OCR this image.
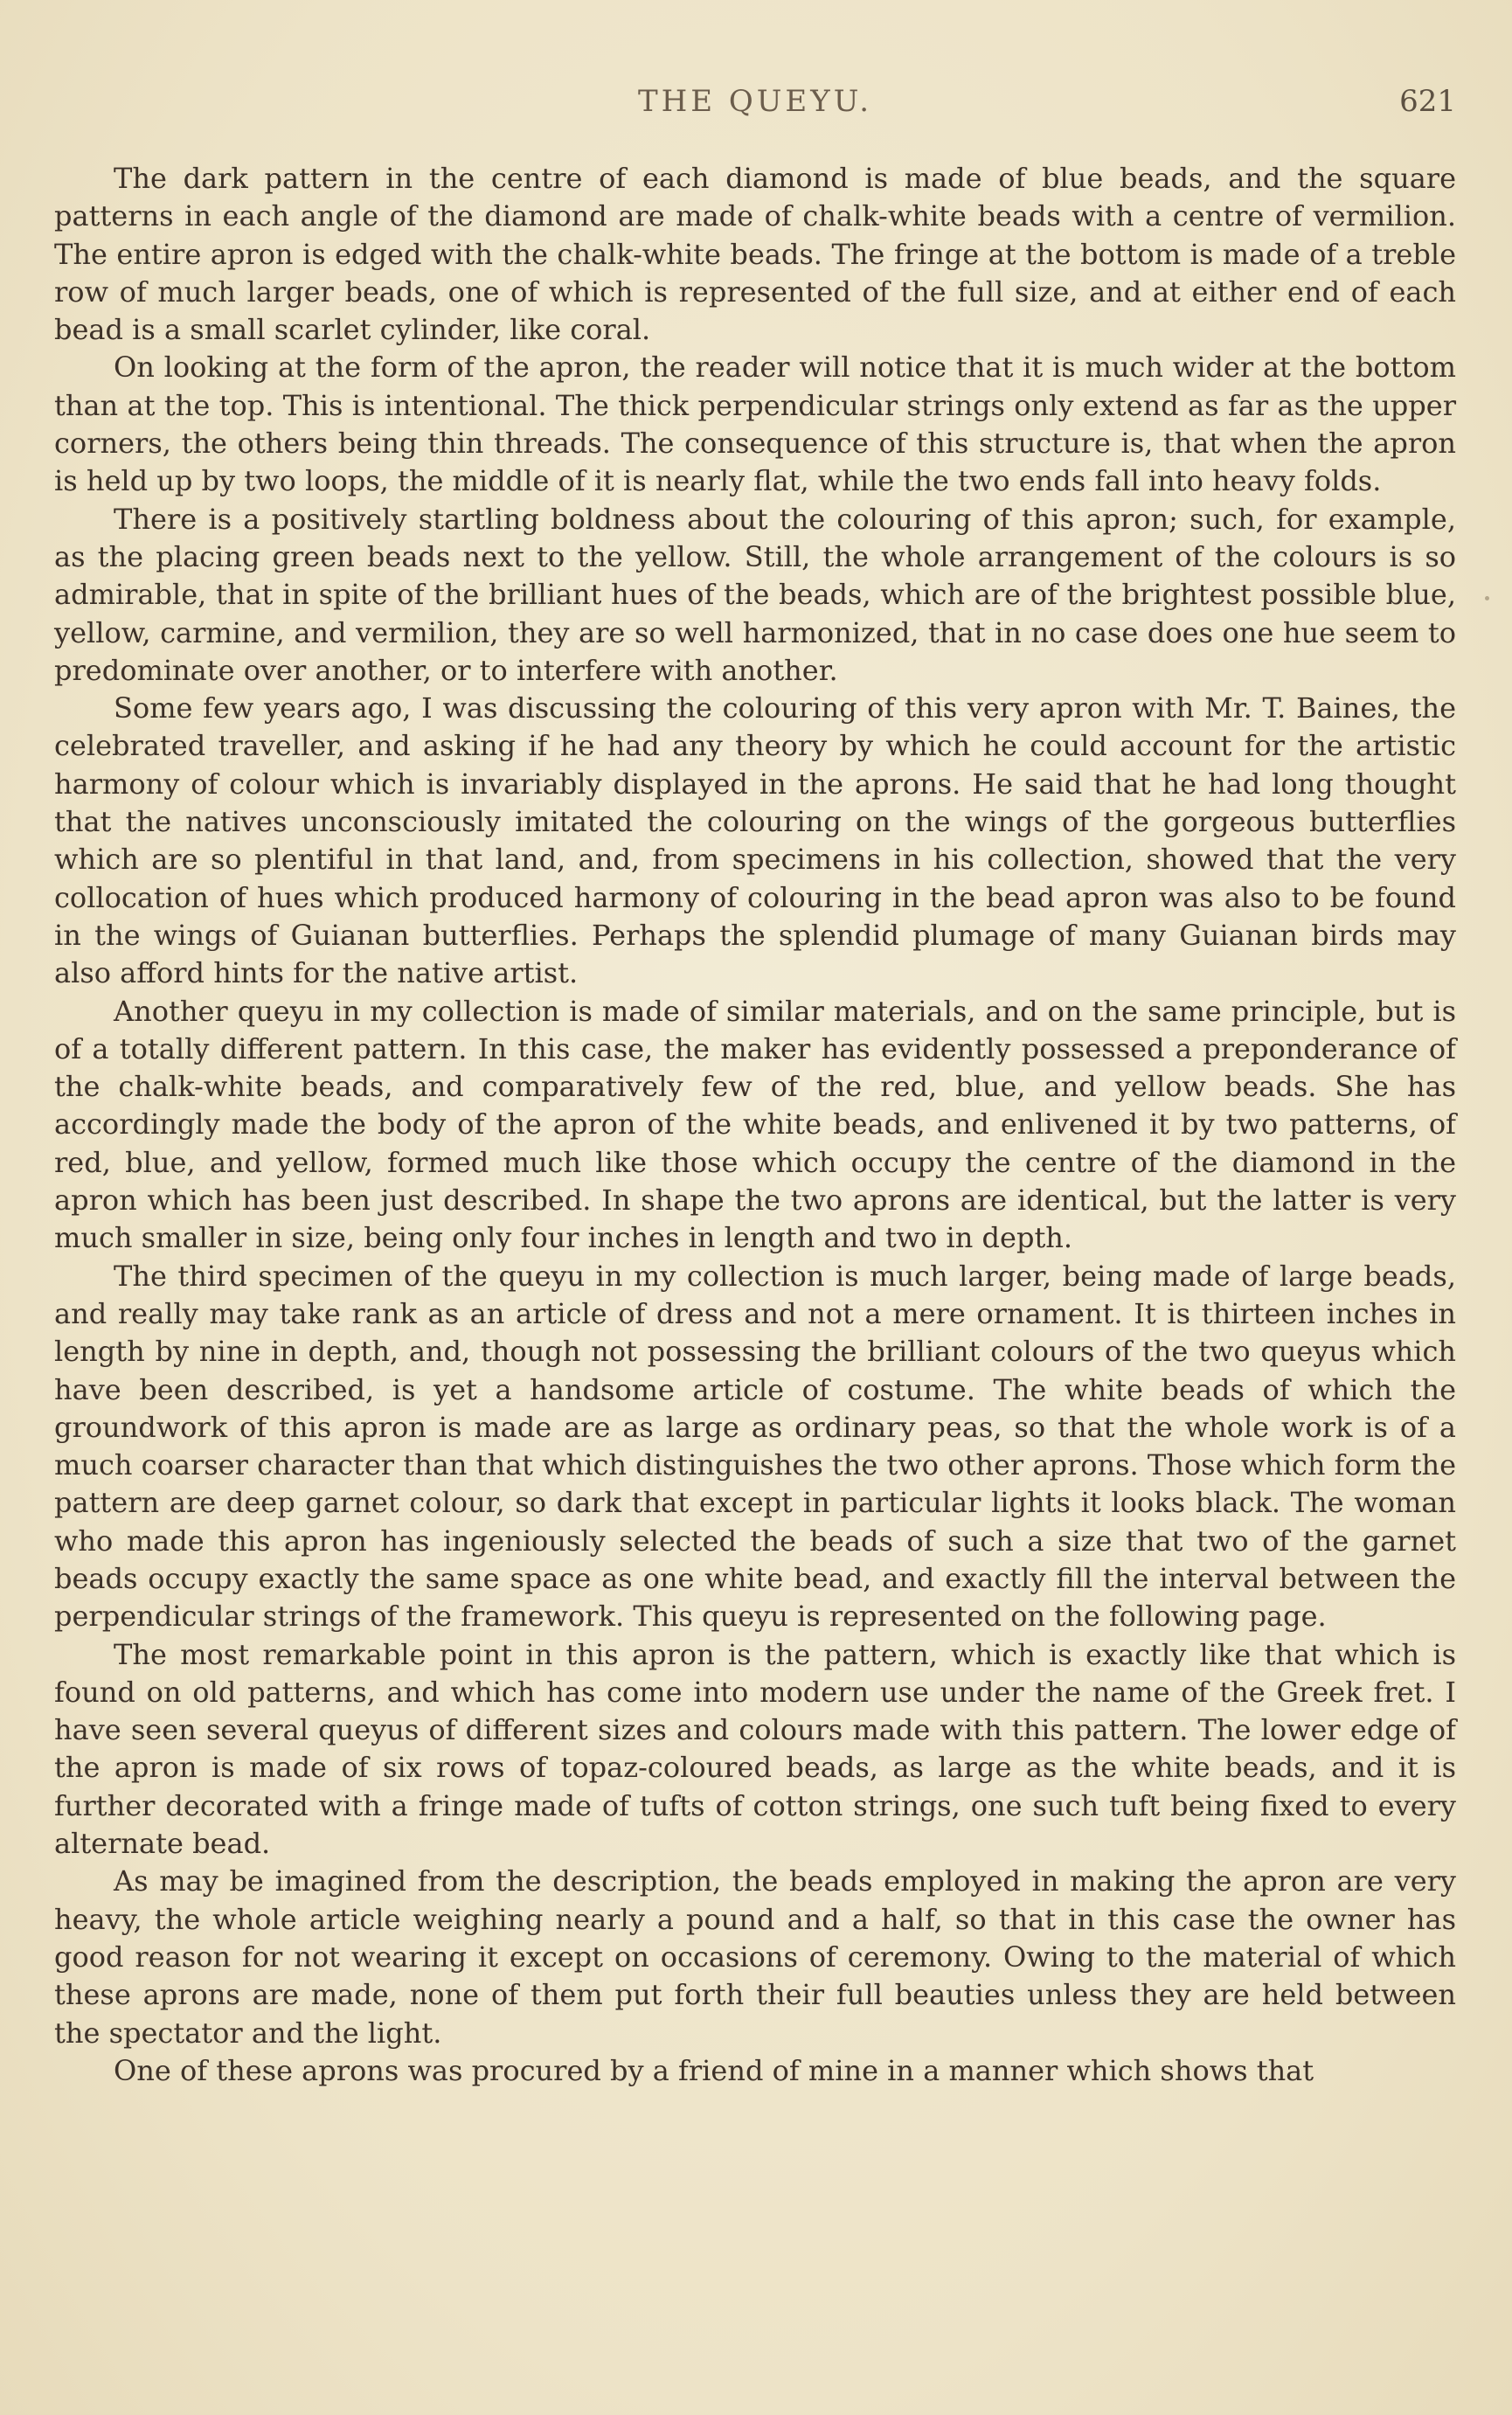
THE QUEYU.	621

The dark pattern in the centre of each diamond is made of blue beads, and the square patterns in each angle of the diamond are made of chalk-white beads with a centre of vermilion. The entire apron is edged with the chalk-white beads. The fringe at the bottom is made of a treble row of much larger beads, one of which is represented of the full size, and at either end of each bead is a small scarlet cylinder, like coral.

On looking at the form of the apron, the reader will notice that it is much wider at the bottom than at the top. This is intentional. The thick perpendicular strings only extend as far as the upper corners, the others being thin threads. The consequence of this structure is, that when the apron is held up by two loops, the middle of it is nearly flat, while the two ends fall into heavy folds.

There is a positively startling boldness about the colouring of this apron; such, for example, as the placing green beads next to the yellow. Still, the whole arrangement of the colours is so admirable, that in spite of the brilliant hues of the beads, which are of the brightest possible blue, yellow, carmine, and vermilion, they are so well harmonized, that in no case does one hue seem to predominate over another, or to interfere with another.

Some few years ago, I was discussing the colouring of this very apron with Mr. T. Baines, the celebrated traveller, and asking if he had any theory by which he could account for the artistic harmony of colour which is invariably displayed in the aprons. He said that he had long thought that the natives unconsciously imitated the colouring on the wings of the gorgeous butterflies which are so plentiful in that land, and, from specimens in his collection, showed that the very collocation of hues which produced harmony of colouring in the bead apron was also to be found in the wings of Guianan butterflies. Perhaps the splendid plumage of many Guianan birds may also afford hints for the native artist.

Another queyu in my collection is made of similar materials, and on the same principle, but is of a totally different pattern. In this case, the maker has evidently possessed a preponderance of the chalk-white beads, and comparatively few of the red, blue, and yellow beads. She has accordingly made the body of the apron of the white beads, and enlivened it by two patterns, of red, blue, and yellow, formed much like those which occupy the centre of the diamond in the apron which has been just described. In shape the two aprons are identical, but the latter is very much smaller in size, being only four inches in length and two in depth.

The third specimen of the queyu in my collection is much larger, being made of large beads, and really may take rank as an article of dress and not a mere ornament. It is thirteen inches in length by nine in depth, and, though not possessing the brilliant colours of the two queyus which have been described, is yet a handsome article of costume. The white beads of which the groundwork of this apron is made are as large as ordinary peas, so that the whole work is of a much coarser character than that which distinguishes the two other aprons. Those which form the pattern are deep garnet colour, so dark that except in particular lights it looks black. The woman who made this apron has ingeniously selected the beads of such a size that two of the garnet beads occupy exactly the same space as one white bead, and exactly fill the interval between the perpendicular strings of the framework. This queyu is represented on the following page.

The most remarkable point in this apron is the pattern, which is exactly like that which is found on old patterns, and which has come into modern use under the name of the Greek fret. I have seen several queyus of different sizes and colours made with this pattern. The lower edge of the apron is made of six rows of topaz-coloured beads, as large as the white beads, and it is further decorated with a fringe made of tufts of cotton strings, one such tuft being fixed to every alternate bead.

As may be imagined from the description, the beads employed in making the apron are very heavy, the whole article weighing nearly a pound and a half, so that in this case the owner has good reason for not wearing it except on occasions of ceremony. Owing to the material of which these aprons are made, none of them put forth their full beauties unless they are held between the spectator and the light.

One of these aprons was procured by a friend of mine in a manner which shows that
